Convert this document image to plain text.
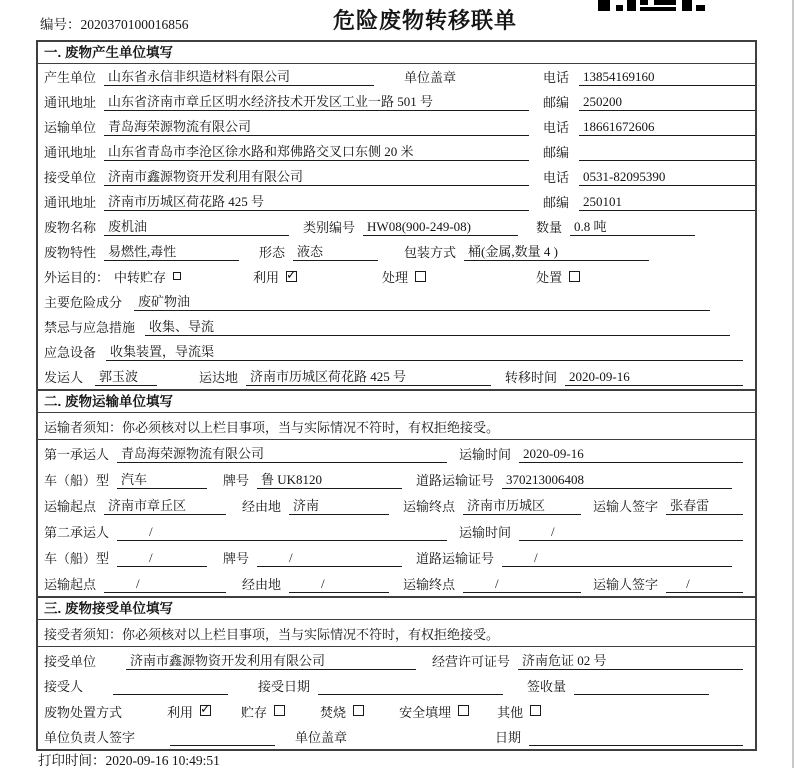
编号：2020370100016856	危险废物转移联单
一. 废物产生单位填写
产生单位 山东省永信非织造材料有限公司	单位盖章	电话	13854169160
通讯地址 山东省济南市章丘区明水经济技术开发区工业一路 501 号	邮编	250200
运输单位 青岛海荣源物流有限公司	电话	18661672606
通讯地址 山东省青岛市李沧区徐水路和郑佛路交叉口东侧 20 米	邮编
接受单位 济南市鑫源物资开发利用有限公司	电话	0531-82095390
通讯地址 济南市历城区荷花路 425 号	邮编	250101
废物名称 废机油	类别编号 HW08(900-249-08)	数量 0.8 吨
废物特性 易燃性,毒性	形态 液态	包装方式 桶(金属,数量 4 )
外运目的： 中转贮存	利用 ✓	处理	处置
主要危险成分	废矿物油
禁忌与应急措施	收集、导流
应急设备	收集装置，导流渠
发运人	郭玉波	运达地 济南市历城区荷花路 425 号	转移时间 2020-09-16
二. 废物运输单位填写
运输者须知：你必须核对以上栏目事项，当与实际情况不符时，有权拒绝接受。
第一承运人 青岛海荣源物流有限公司	运输时间 2020-09-16
车（船）型 汽车	牌号 鲁 UK8120	道路运输证号 370213006408
运输起点 济南市章丘区	经由地 济南	运输终点 济南市历城区	运输人签字 张春雷
第二承运人	/	运输时间	/
车（船）型	/	牌号	/	道路运输证号	/
运输起点	/	经由地	/	运输终点	/	运输人签字	/
三. 废物接受单位填写
接受者须知：你必须核对以上栏目事项，当与实际情况不符时，有权拒绝接受。
接受单位	济南市鑫源物资开发利用有限公司	经营许可证号 济南危证 02 号
接受人	接受日期	签收量
废物处置方式	利用 ✓	贮存	焚烧	安全填埋	其他
单位负责人签字	单位盖章	日期
打印时间：2020-09-16 10:49:51
